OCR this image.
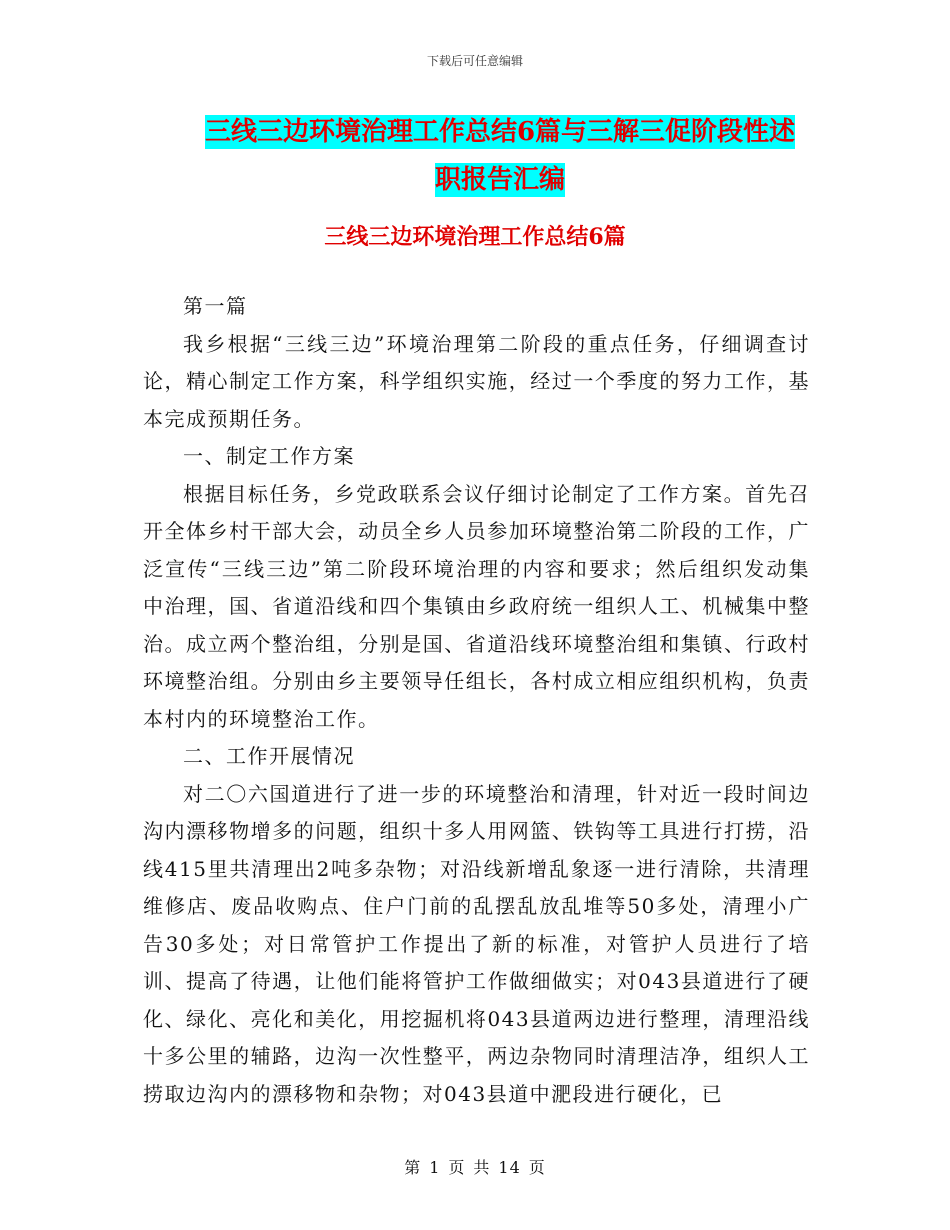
下载后可任意编辑
三线三边环境治理工作总结6篇与三解三促阶段性述
职报告汇编
三线三边环境治理工作总结6篇

第一篇

我乡根据“三线三边”环境治理第二阶段的重点任务，仔细调查讨论，精心制定工作方案，科学组织实施，经过一个季度的努力工作，基本完成预期任务。

一、制定工作方案

根据目标任务，乡党政联系会议仔细讨论制定了工作方案。首先召开全体乡村干部大会，动员全乡人员参加环境整治第二阶段的工作，广泛宣传“三线三边”第二阶段环境治理的内容和要求；然后组织发动集中治理，国、省道沿线和四个集镇由乡政府统一组织人工、机械集中整治。成立两个整治组，分别是国、省道沿线环境整治组和集镇、行政村环境整治组。分别由乡主要领导任组长，各村成立相应组织机构，负责本村内的环境整治工作。

二、工作开展情况

对二〇六国道进行了进一步的环境整治和清理，针对近一段时间边沟内漂移物增多的问题，组织十多人用网篮、铁钩等工具进行打捞，沿线415里共清理出2吨多杂物；对沿线新增乱象逐一进行清除，共清理维修店、废品收购点、住户门前的乱摆乱放乱堆等50多处，清理小广告30多处；对日常管护工作提出了新的标准，对管护人员进行了培训、提高了待遇，让他们能将管护工作做细做实；对043县道进行了硬化、绿化、亮化和美化，用挖掘机将043县道两边进行整理，清理沿线十多公里的辅路，边沟一次性整平，两边杂物同时清理洁净，组织人工捞取边沟内的漂移物和杂物；对043县道中淝段进行硬化，已

第 1 页 共 14 页
